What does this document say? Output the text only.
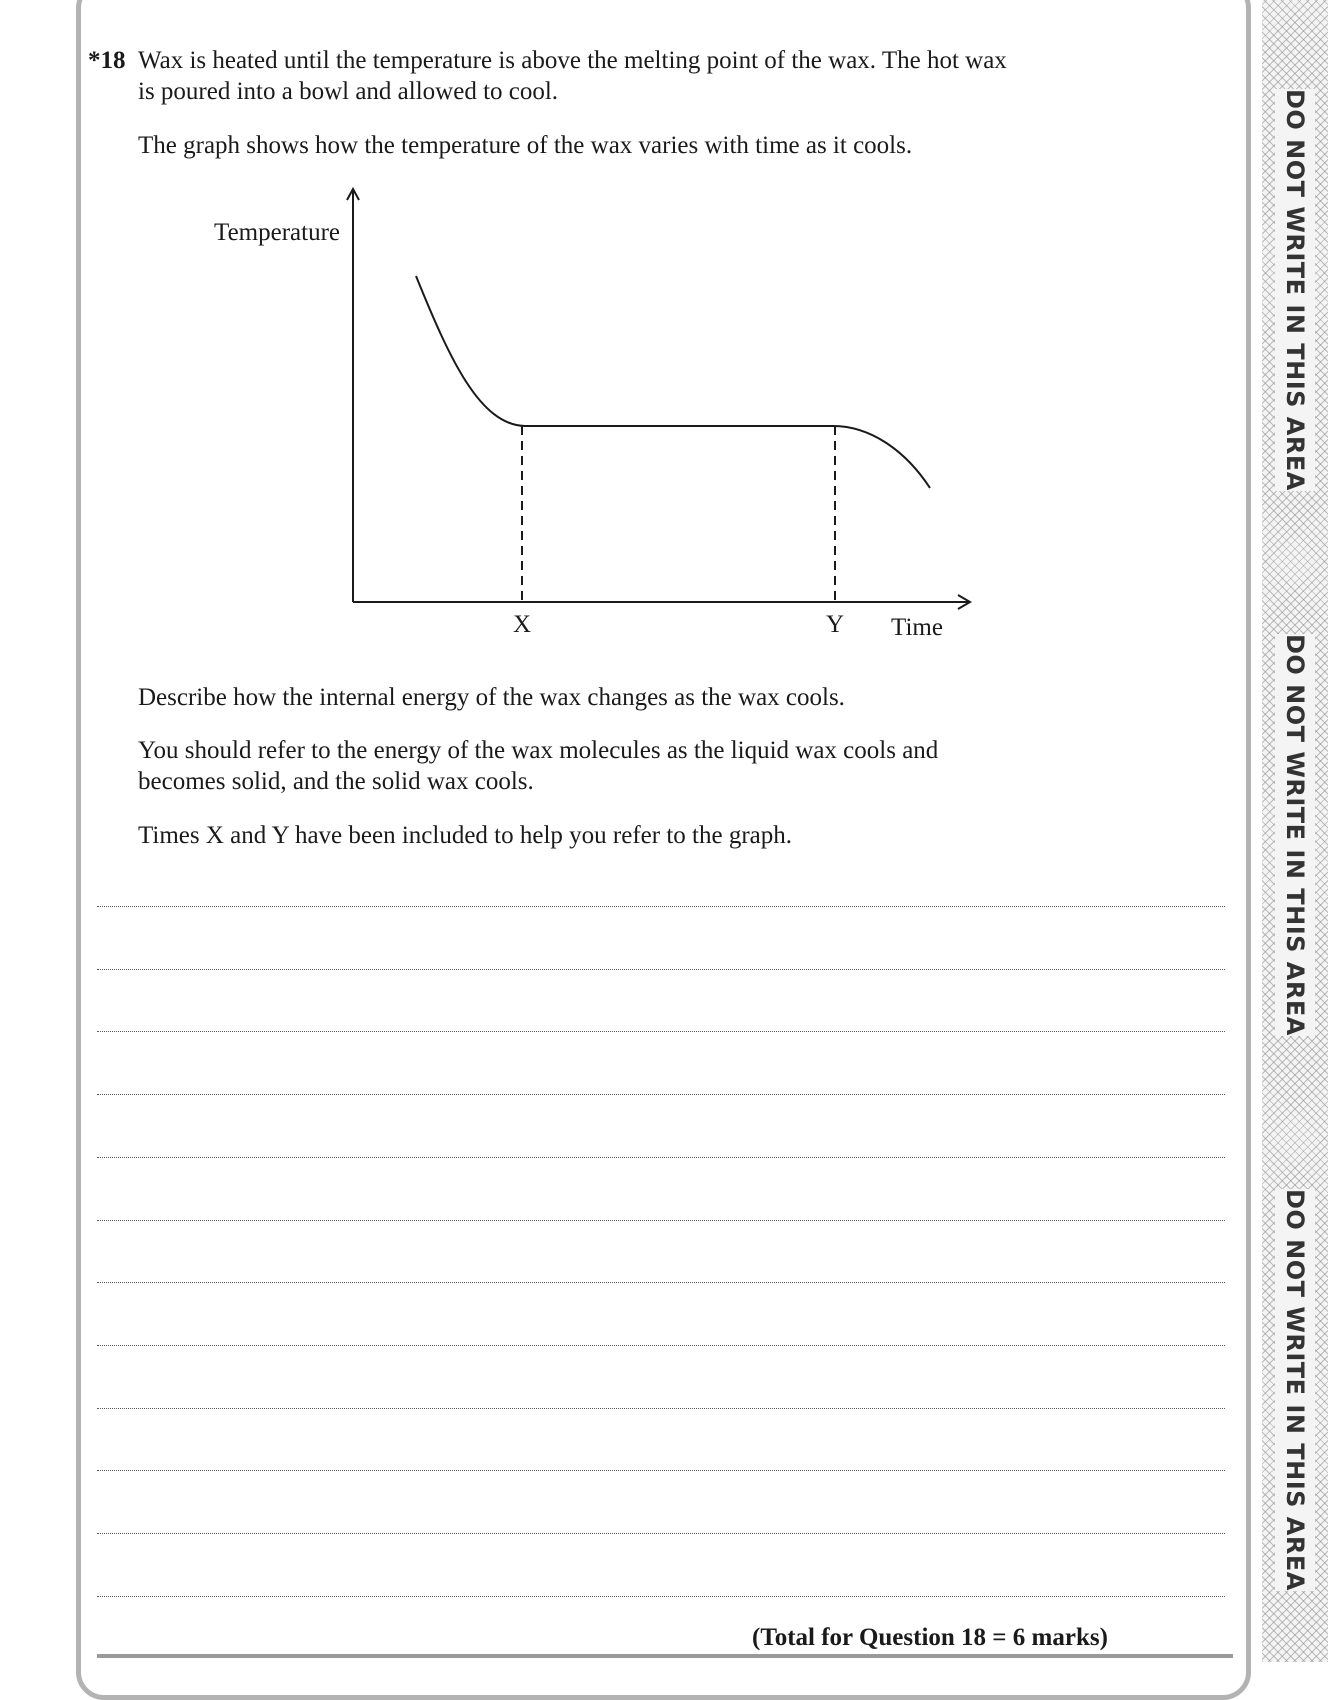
DO NOT WRITE IN THIS AREA
DO NOT WRITE IN THIS AREA
DO NOT WRITE IN THIS AREA
*18 Wax is heated until the temperature is above the melting point of the wax. The hot wax
is poured into a bowl and allowed to cool.
The graph shows how the temperature of the wax varies with time as it cools.
Temperature
X	Y Time
Describe how the internal energy of the wax changes as the wax cools.
You should refer to the energy of the wax molecules as the liquid wax cools and
becomes solid, and the solid wax cools.
Times X and Y have been included to help you refer to the graph.
(Total for Question 18 = 6 marks)
